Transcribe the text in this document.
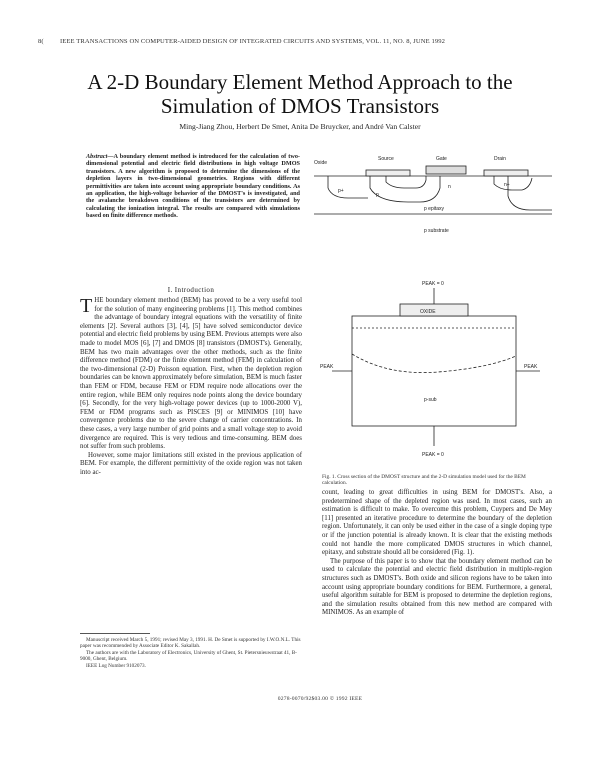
8( IEEE TRANSACTIONS ON COMPUTER-AIDED DESIGN OF INTEGRATED CIRCUITS AND SYSTEMS, VOL. 11, NO. 8, JUNE 1992
A 2-D Boundary Element Method Approach to the
Simulation of DMOS Transistors
Ming-Jiang Zhou, Herbert De Smet, Anita De Bruycker, and André Van Calster
Abstract—A boundary element method is introduced for the calculation of two-dimensional potential and electric field distributions in high voltage DMOS transistors. A new algorithm is proposed to determine the dimensions of the depletion layers in two-dimensional geometries. Regions with different permittivities are taken into account using appropriate boundary conditions. As an application, the high-voltage behavior of the DMOST's is investigated, and the avalanche breakdown conditions of the transistors are determined by calculating the ionization integral. The results are compared with simulations based on finite difference methods.
Oxide
Source	Gate	Drain
p
p+
n	n+
p epitaxy
p substrate
PEAK = 0
PEAK	PEAK
PEAK = 0
p-sub
OXIDE
Fig. 1. Cross section of the DMOST structure and the 2-D simulation model used for the BEM calculation.
I. Introduction

THE boundary element method (BEM) has proved to be a very useful tool for the solution of many engineering problems [1]. This method combines the advantage of boundary integral equations with the versatility of finite elements [2]. Several authors [3], [4], [5] have solved semiconductor device potential and electric field problems by using BEM. Previous attempts were also made to model MOS [6], [7] and DMOS [8] transistors (DMOST's). Generally, BEM has two main advantages over the other methods, such as the finite difference method (FDM) or the finite element method (FEM) in calculation of the two-dimensional (2-D) Poisson equation. First, when the depletion region boundaries can be known approximately before simulation, BEM is much faster than FEM or FDM, because FEM or FDM require node allocations over the entire region, while BEM only requires node points along the device boundary [6]. Secondly, for the very high-voltage power devices (up to 1000-2000 V), FEM or FDM programs such as PISCES [9] or MINIMOS [10] have convergence problems due to the severe change of carrier concentrations. In these cases, a very large number of grid points and a small voltage step to avoid divergence are required. This is very tedious and time-consuming. BEM does not suffer from such problems.

However, some major limitations still existed in the previous application of BEM. For example, the different permittivity of the oxide region was not taken into ac-

Manuscript received March 5, 1991; revised May 3, 1991. H. De Smet is supported by I.W.O.N.L. This paper was recommended by Associate Editor K. Sakallah.

The authors are with the Laboratory of Electronics, University of Ghent, St. Pietersnieuwstraat 41, B-9000, Ghent, Belgium.

IEEE Log Number 9102073.

count, leading to great difficulties in using BEM for DMOST's. Also, a predetermined shape of the depleted region was used. In most cases, such an estimation is difficult to make. To overcome this problem, Cuypers and De Mey [11] presented an iterative procedure to determine the boundary of the depletion region. Unfortunately, it can only be used either in the case of a single doping type or if the junction potential is already known. It is clear that the existing methods could not handle the more complicated DMOS structures in which channel, epitaxy, and substrate should all be considered (Fig. 1).

The purpose of this paper is to show that the boundary element method can be used to calculate the potential and electric field distribution in multiple-region structures such as DMOST's. Both oxide and silicon regions have to be taken into account using appropriate boundary conditions for BEM. Furthermore, a general, useful algorithm suitable for BEM is proposed to determine the depletion regions, and the simulation results obtained from this new method are compared with MINIMOS. As an example of

0278-0070/92$03.00 © 1992 IEEE
